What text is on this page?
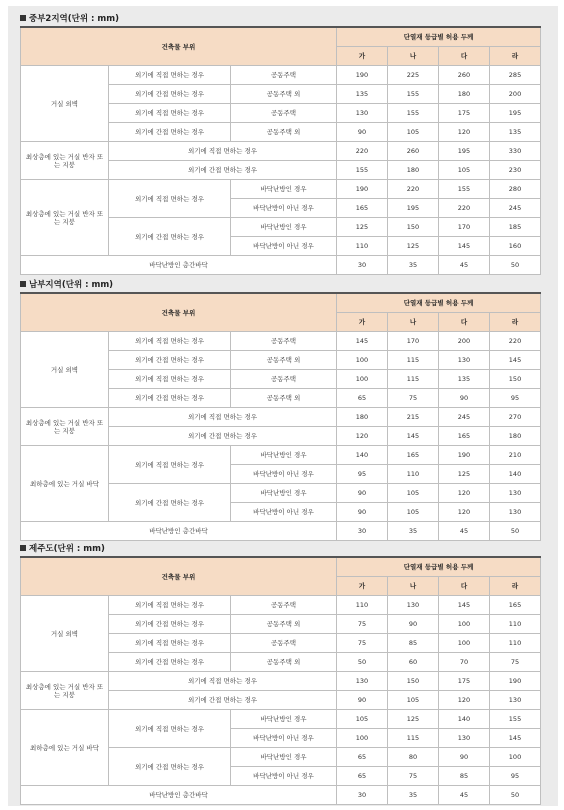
중부2지역(단위 : mm)
건축물 부위			단열재 등급별 허용 두께			
			가	나	다	라
거실 외벽	외기에 직접 면하는 경우	공동주택	190	225	260	285
	외기에 간접 면하는 경우	공동주택 외	135	155	180	200
	외기에 직접 면하는 경우	공동주택	130	155	175	195
	외기에 간접 면하는 경우	공동주택 외	90	105	120	135
최상층에 있는 거실 반자 또는 지붕	외기에 직접 면하는 경우		220	260	195	330
	외기에 간접 면하는 경우		155	180	105	230
최상층에 있는 거실 반자 또는 지붕	외기에 직접 면하는 경우	바닥난방인 경우	190	220	155	280
		바닥난방이 아닌 경우	165	195	220	245
	외기에 간접 면하는 경우	바닥난방인 경우	125	150	170	185
		바닥난방이 아닌 경우	110	125	145	160
바닥난방인 층간바닥			30	35	45	50
남부지역(단위 : mm)
건축물 부위			단열재 등급별 허용 두께			
			가	나	다	라
거실 외벽	외기에 직접 면하는 경우	공동주택	145	170	200	220
	외기에 간접 면하는 경우	공동주택 외	100	115	130	145
	외기에 직접 면하는 경우	공동주택	100	115	135	150
	외기에 간접 면하는 경우	공동주택 외	65	75	90	95
최상층에 있는 거실 반자 또는 지붕	외기에 직접 면하는 경우		180	215	245	270
	외기에 간접 면하는 경우		120	145	165	180
최하층에 있는 거실 바닥	외기에 직접 면하는 경우	바닥난방인 경우	140	165	190	210
		바닥난방이 아닌 경우	95	110	125	140
	외기에 간접 면하는 경우	바닥난방인 경우	90	105	120	130
		바닥난방이 아닌 경우	90	105	120	130
바닥난방인 층간바닥			30	35	45	50
제주도(단위 : mm)
건축물 부위			단열재 등급별 허용 두께			
			가	나	다	라
거실 외벽	외기에 직접 면하는 경우	공동주택	110	130	145	165
	외기에 간접 면하는 경우	공동주택 외	75	90	100	110
	외기에 직접 면하는 경우	공동주택	75	85	100	110
	외기에 간접 면하는 경우	공동주택 외	50	60	70	75
최상층에 있는 거실 반자 또는 지붕	외기에 직접 면하는 경우		130	150	175	190
	외기에 간접 면하는 경우		90	105	120	130
최하층에 있는 거실 바닥	외기에 직접 면하는 경우	바닥난방인 경우	105	125	140	155
		바닥난방이 아닌 경우	100	115	130	145
	외기에 간접 면하는 경우	바닥난방인 경우	65	80	90	100
		바닥난방이 아닌 경우	65	75	85	95
바닥난방인 층간바닥			30	35	45	50
